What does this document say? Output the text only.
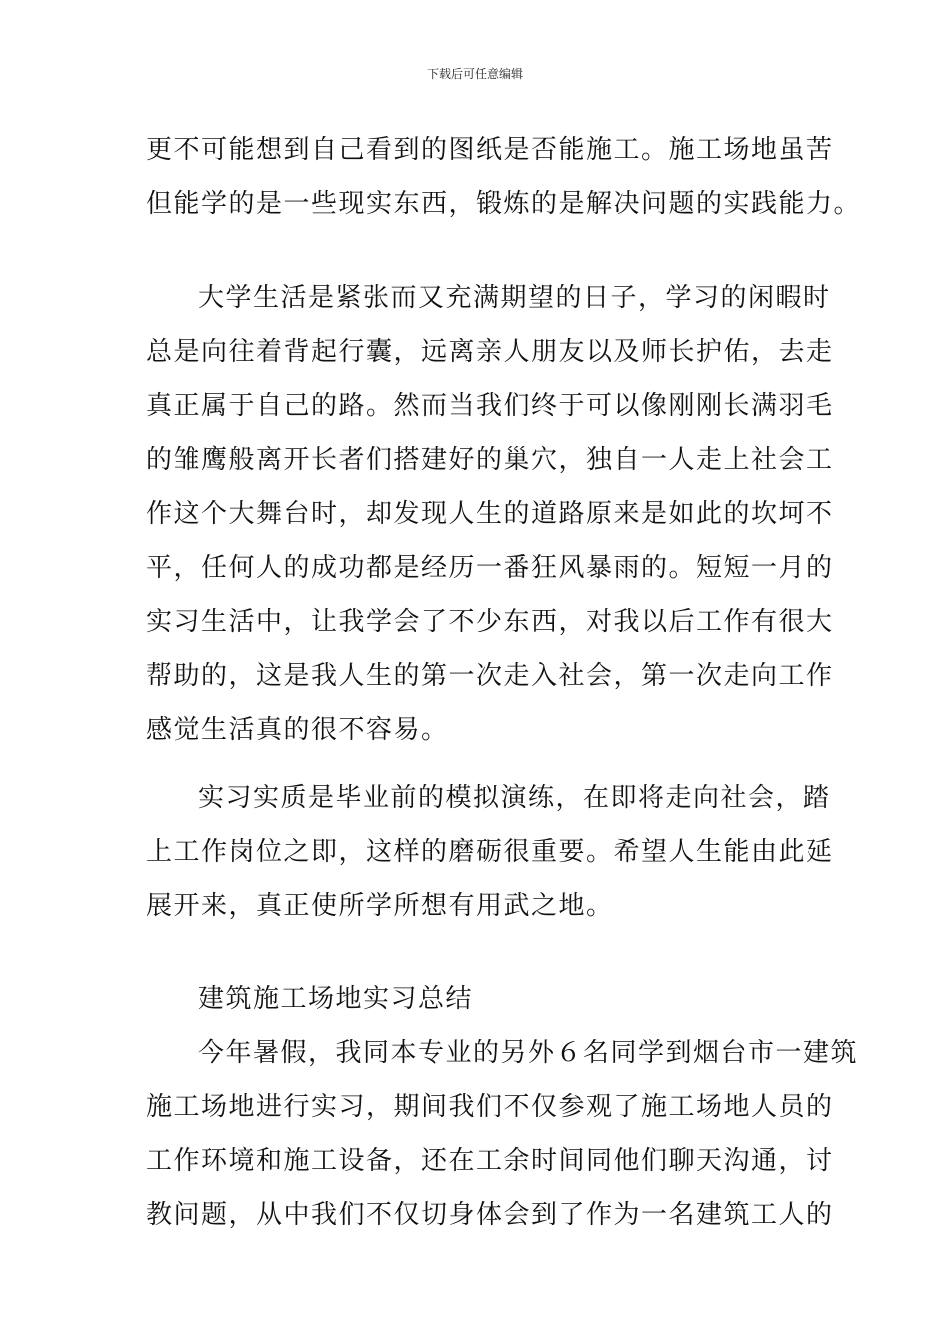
下载后可任意编辑
更不可能想到自己看到的图纸是否能施工。施工场地虽苦
但能学的是一些现实东西，锻炼的是解决问题的实践能力。
大学生活是紧张而又充满期望的日子，学习的闲暇时
总是向往着背起行囊，远离亲人朋友以及师长护佑，去走
真正属于自己的路。然而当我们终于可以像刚刚长满羽毛
的雏鹰般离开长者们搭建好的巢穴，独自一人走上社会工
作这个大舞台时，却发现人生的道路原来是如此的坎坷不
平，任何人的成功都是经历一番狂风暴雨的。短短一月的
实习生活中，让我学会了不少东西，对我以后工作有很大
帮助的，这是我人生的第一次走入社会，第一次走向工作
感觉生活真的很不容易。
实习实质是毕业前的模拟演练，在即将走向社会，踏
上工作岗位之即，这样的磨砺很重要。希望人生能由此延
展开来，真正使所学所想有用武之地。
建筑施工场地实习总结
今年暑假，我同本专业的另外６名同学到烟台市一建筑
施工场地进行实习，期间我们不仅参观了施工场地人员的
工作环境和施工设备，还在工余时间同他们聊天沟通，讨
教问题，从中我们不仅切身体会到了作为一名建筑工人的
